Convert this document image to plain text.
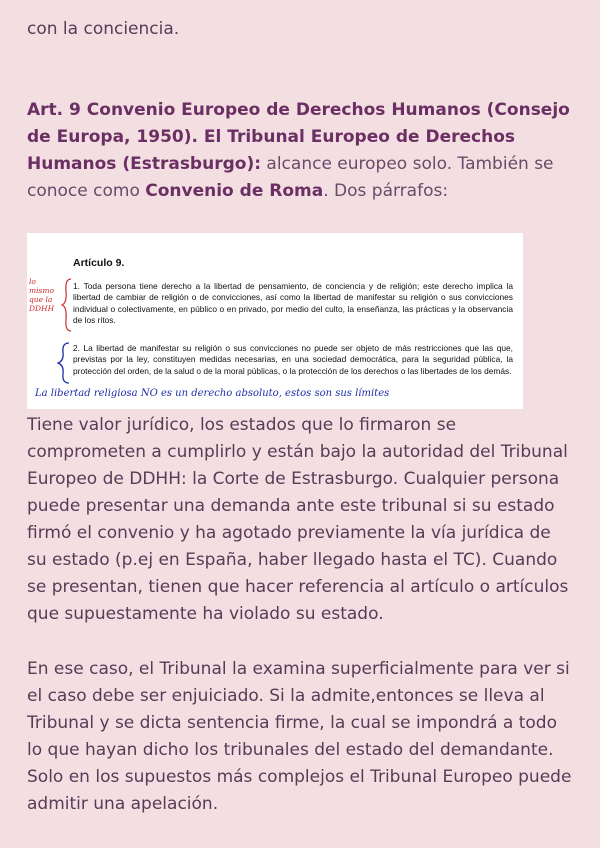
con la conciencia.

Art. 9 Convenio Europeo de Derechos Humanos (Consejo de Europa, 1950). El Tribunal Europeo de Derechos Humanos (Estrasburgo): alcance europeo solo. También se conoce como Convenio de Roma. Dos párrafos:

Artículo 9.

1. Toda persona tiene derecho a la libertad de pensamiento, de conciencia y de religión; este derecho implica la libertad de cambiar de religión o de convicciones, así como la libertad de manifestar su religión o sus convicciones individual o colectivamente, en público o en privado, por medio del culto, la enseñanza, las prácticas y la observancia de los ritos.

2. La libertad de manifestar su religión o sus convicciones no puede ser objeto de más restricciones que las que, previstas por la ley, constituyen medidas necesarias, en una sociedad democrática, para la seguridad pública, la protección del orden, de la salud o de la moral públicas, o la protección de los derechos o las libertades de los demás.

lo mismo que la DDHH
La libertad religiosa NO es un derecho absoluto, estos son sus límites

Tiene valor jurídico, los estados que lo firmaron se comprometen a cumplirlo y están bajo la autoridad del Tribunal Europeo de DDHH: la Corte de Estrasburgo. Cualquier persona puede presentar una demanda ante este tribunal si su estado firmó el convenio y ha agotado previamente la vía jurídica de su estado (p.ej en España, haber llegado hasta el TC). Cuando se presentan, tienen que hacer referencia al artículo o artículos que supuestamente ha violado su estado.

En ese caso, el Tribunal la examina superficialmente para ver si el caso debe ser enjuiciado. Si la admite,entonces se lleva al Tribunal y se dicta sentencia firme, la cual se impondrá a todo lo que hayan dicho los tribunales del estado del demandante. Solo en los supuestos más complejos el Tribunal Europeo puede admitir una apelación.
